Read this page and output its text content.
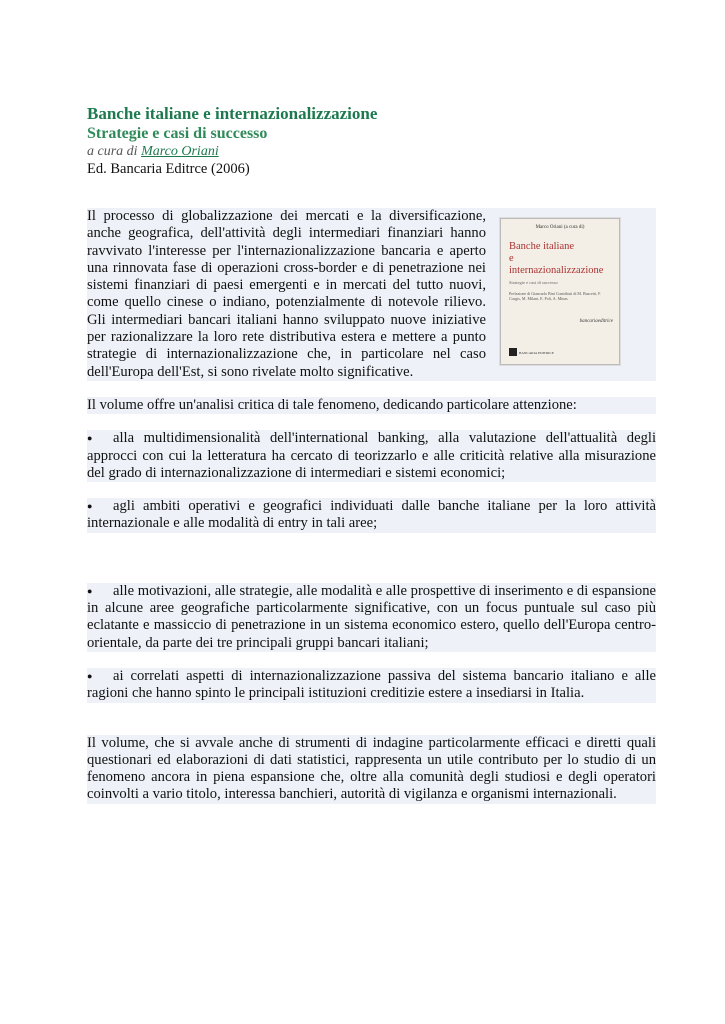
Banche italiane e internazionalizzazione
Strategie e casi di successo
a cura di Marco Oriani
Ed. Bancaria Editrce (2006)
Marco Oriani (a cura di)
Banche italiane
e
internazionalizzazione
Strategie e casi di successo
Prefazione di Giancarlo Bini Contributi di M. Buscetti, F. Cosgis, M. Milani, E. Poli, A. Minas
bancariaeditrice
BANCARIA EDITRICE

Il processo di globalizzazione dei mercati e la diversificazione, anche geografica, dell'attività degli intermediari finanziari hanno ravvivato l'interesse per l'internazionalizzazione bancaria e aperto una rinnovata fase di operazioni cross-border e di penetrazione nei sistemi finanziari di paesi emergenti e in mercati del tutto nuovi, come quello cinese o indiano, potenzialmente di notevole rilievo. Gli intermediari bancari italiani hanno sviluppato nuove iniziative per razionalizzare la loro rete distributiva estera e mettere a punto strategie di internazionalizzazione che, in particolare nel caso dell'Europa dell'Est, si sono rivelate molto significative.

Il volume offre un'analisi critica di tale fenomeno, dedicando particolare attenzione:

● alla multidimensionalità dell'international banking, alla valutazione dell'attualità degli approcci con cui la letteratura ha cercato di teorizzarlo e alle criticità relative alla misurazione del grado di internazionalizzazione di intermediari e sistemi economici;
● agli ambiti operativi e geografici individuati dalle banche italiane per la loro attività internazionale e alle modalità di entry in tali aree;
● alle motivazioni, alle strategie, alle modalità e alle prospettive di inserimento e di espansione in alcune aree geografiche particolarmente significative, con un focus puntuale sul caso più eclatante e massiccio di penetrazione in un sistema economico estero, quello dell'Europa centro-orientale, da parte dei tre principali gruppi bancari italiani;
● ai correlati aspetti di internazionalizzazione passiva del sistema bancario italiano e alle ragioni che hanno spinto le principali istituzioni creditizie estere a insediarsi in Italia.

Il volume, che si avvale anche di strumenti di indagine particolarmente efficaci e diretti quali questionari ed elaborazioni di dati statistici, rappresenta un utile contributo per lo studio di un fenomeno ancora in piena espansione che, oltre alla comunità degli studiosi e degli operatori coinvolti a vario titolo, interessa banchieri, autorità di vigilanza e organismi internazionali.
